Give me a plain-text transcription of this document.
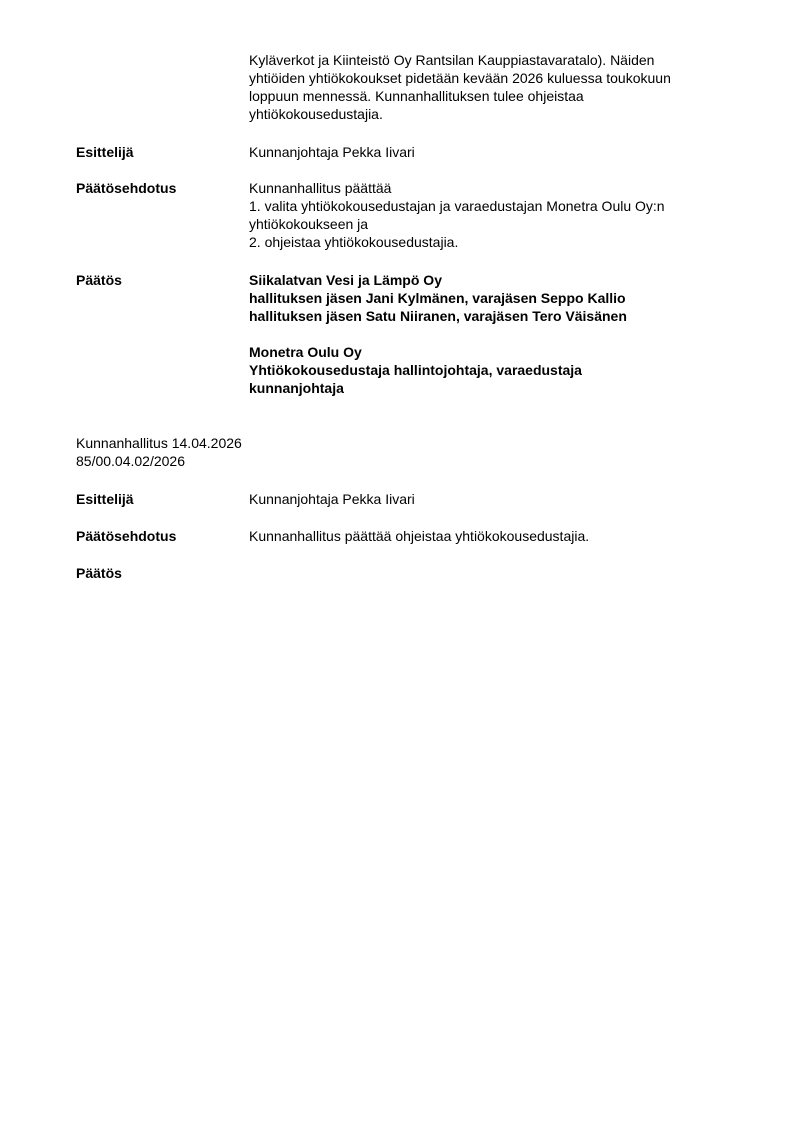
Kyläverkot ja Kiinteistö Oy Rantsilan Kauppiastavaratalo). Näiden
yhtiöiden yhtiökokoukset pidetään kevään 2026 kuluessa toukokuun
loppuun mennessä. Kunnanhallituksen tulee ohjeistaa
yhtiökokousedustajia.
Esittelijä	Kunnanjohtaja Pekka Iivari
Päätösehdotus	Kunnanhallitus päättää
1. valita yhtiökokousedustajan ja varaedustajan Monetra Oulu Oy:n
yhtiökokoukseen ja
2. ohjeistaa yhtiökokousedustajia.
Päätös	Siikalatvan Vesi ja Lämpö Oy
hallituksen jäsen Jani Kylmänen, varajäsen Seppo Kallio
hallituksen jäsen Satu Niiranen, varajäsen Tero Väisänen
Monetra Oulu Oy
Yhtiökokousedustaja hallintojohtaja, varaedustaja
kunnanjohtaja
Kunnanhallitus 14.04.2026
85/00.04.02/2026
Esittelijä	Kunnanjohtaja Pekka Iivari
Päätösehdotus	Kunnanhallitus päättää ohjeistaa yhtiökokousedustajia.
Päätös
